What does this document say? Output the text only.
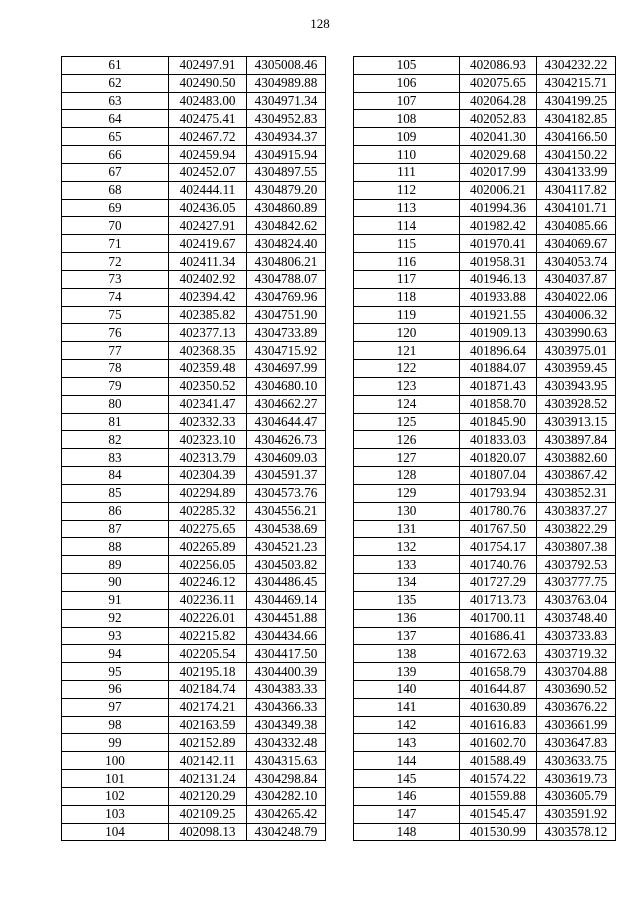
128
61	402497.91	4305008.46
62	402490.50	4304989.88
63	402483.00	4304971.34
64	402475.41	4304952.83
65	402467.72	4304934.37
66	402459.94	4304915.94
67	402452.07	4304897.55
68	402444.11	4304879.20
69	402436.05	4304860.89
70	402427.91	4304842.62
71	402419.67	4304824.40
72	402411.34	4304806.21
73	402402.92	4304788.07
74	402394.42	4304769.96
75	402385.82	4304751.90
76	402377.13	4304733.89
77	402368.35	4304715.92
78	402359.48	4304697.99
79	402350.52	4304680.10
80	402341.47	4304662.27
81	402332.33	4304644.47
82	402323.10	4304626.73
83	402313.79	4304609.03
84	402304.39	4304591.37
85	402294.89	4304573.76
86	402285.32	4304556.21
87	402275.65	4304538.69
88	402265.89	4304521.23
89	402256.05	4304503.82
90	402246.12	4304486.45
91	402236.11	4304469.14
92	402226.01	4304451.88
93	402215.82	4304434.66
94	402205.54	4304417.50
95	402195.18	4304400.39
96	402184.74	4304383.33
97	402174.21	4304366.33
98	402163.59	4304349.38
99	402152.89	4304332.48
100	402142.11	4304315.63
101	402131.24	4304298.84
102	402120.29	4304282.10
103	402109.25	4304265.42
104	402098.13	4304248.79
105	402086.93	4304232.22
106	402075.65	4304215.71
107	402064.28	4304199.25
108	402052.83	4304182.85
109	402041.30	4304166.50
110	402029.68	4304150.22
111	402017.99	4304133.99
112	402006.21	4304117.82
113	401994.36	4304101.71
114	401982.42	4304085.66
115	401970.41	4304069.67
116	401958.31	4304053.74
117	401946.13	4304037.87
118	401933.88	4304022.06
119	401921.55	4304006.32
120	401909.13	4303990.63
121	401896.64	4303975.01
122	401884.07	4303959.45
123	401871.43	4303943.95
124	401858.70	4303928.52
125	401845.90	4303913.15
126	401833.03	4303897.84
127	401820.07	4303882.60
128	401807.04	4303867.42
129	401793.94	4303852.31
130	401780.76	4303837.27
131	401767.50	4303822.29
132	401754.17	4303807.38
133	401740.76	4303792.53
134	401727.29	4303777.75
135	401713.73	4303763.04
136	401700.11	4303748.40
137	401686.41	4303733.83
138	401672.63	4303719.32
139	401658.79	4303704.88
140	401644.87	4303690.52
141	401630.89	4303676.22
142	401616.83	4303661.99
143	401602.70	4303647.83
144	401588.49	4303633.75
145	401574.22	4303619.73
146	401559.88	4303605.79
147	401545.47	4303591.92
148	401530.99	4303578.12
